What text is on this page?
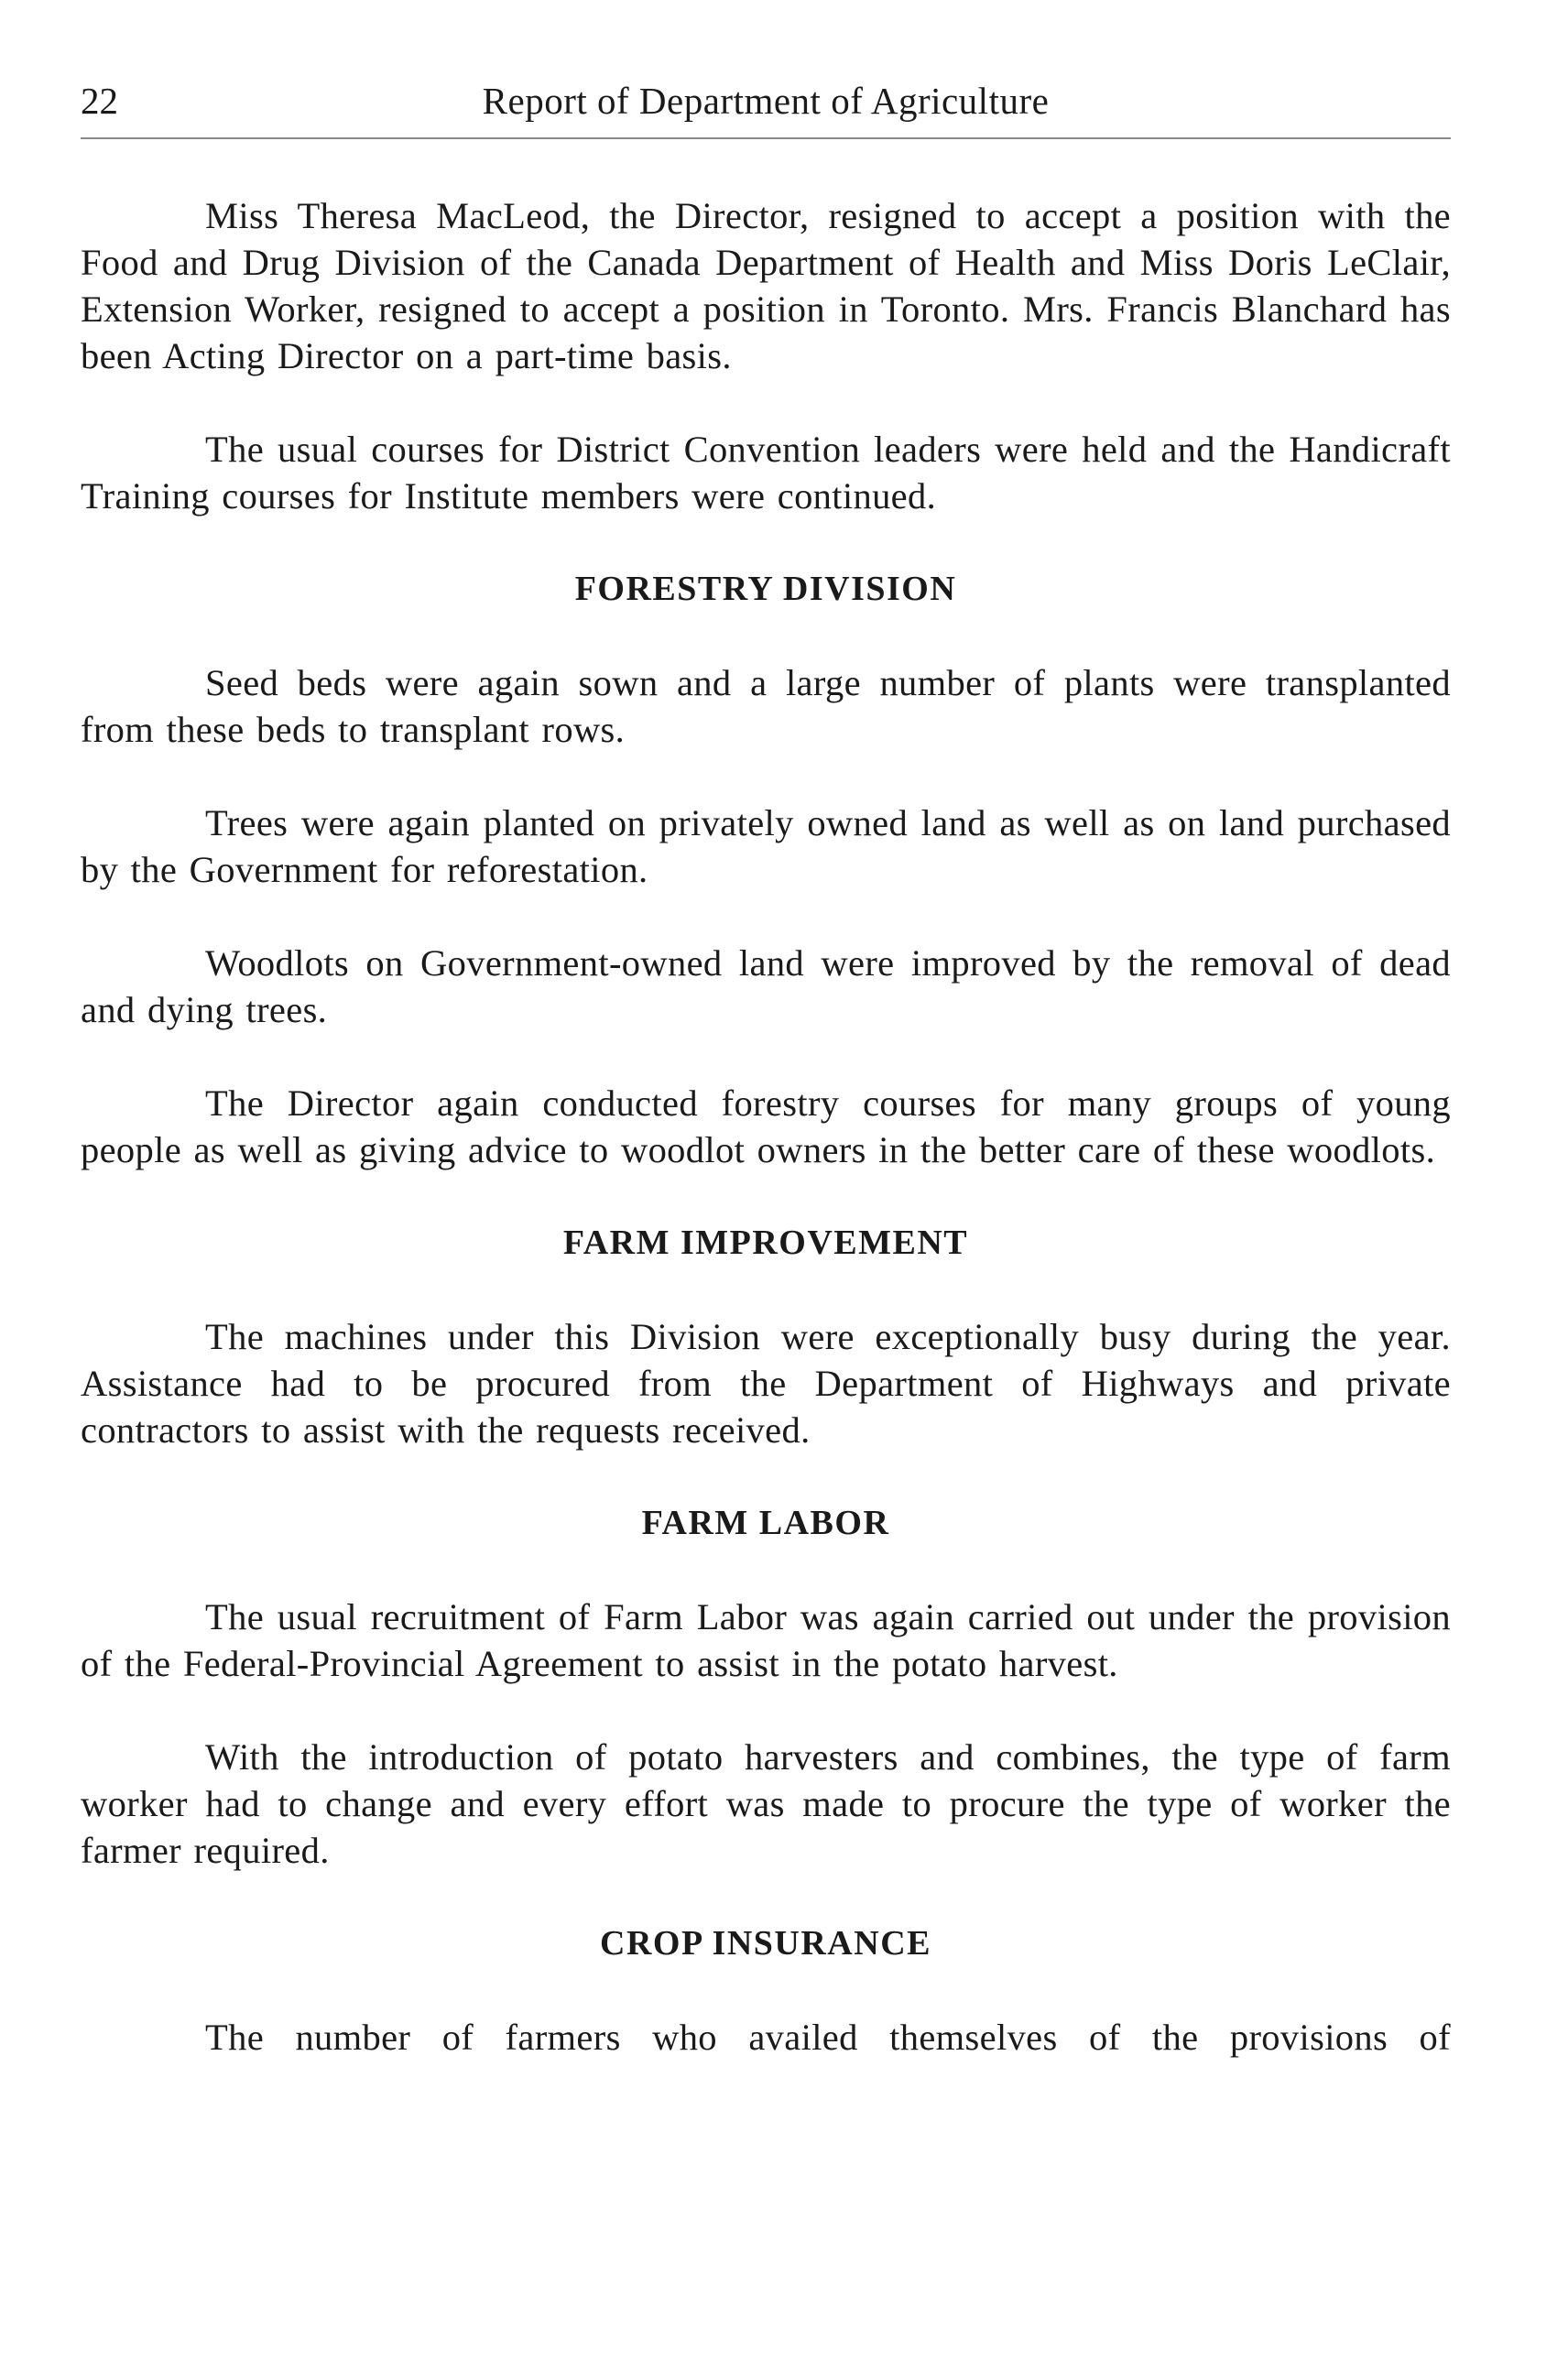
22	Report of Department of Agriculture

Miss Theresa MacLeod, the Director, resigned to accept a position with the Food and Drug Division of the Canada Department of Health and Miss Doris LeClair, Extension Worker, resigned to accept a position in Toronto. Mrs. Francis Blanchard has been Acting Director on a part-time basis.

The usual courses for District Convention leaders were held and the Handicraft Training courses for Institute members were continued.

FORESTRY DIVISION

Seed beds were again sown and a large number of plants were transplanted from these beds to transplant rows.

Trees were again planted on privately owned land as well as on land purchased by the Government for reforestation.

Woodlots on Government-owned land were improved by the removal of dead and dying trees.

The Director again conducted forestry courses for many groups of young people as well as giving advice to woodlot owners in the better care of these woodlots.

FARM IMPROVEMENT

The machines under this Division were exceptionally busy during the year. Assistance had to be procured from the Department of Highways and private contractors to assist with the requests received.

FARM LABOR

The usual recruitment of Farm Labor was again carried out under the provision of the Federal-Provincial Agreement to assist in the potato harvest.

With the introduction of potato harvesters and combines, the type of farm worker had to change and every effort was made to procure the type of worker the farmer required.

CROP INSURANCE

The number of farmers who availed themselves of the provisions of
